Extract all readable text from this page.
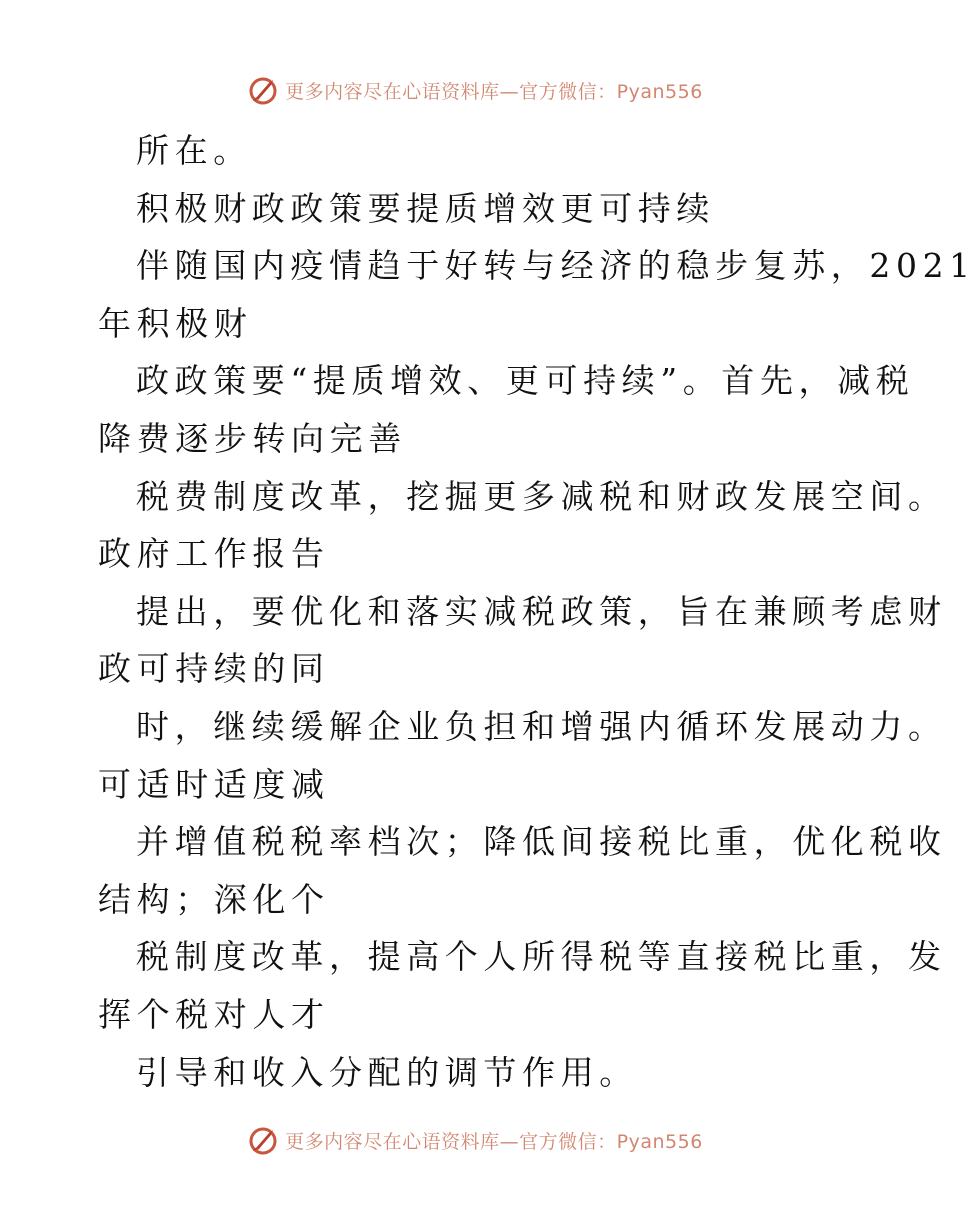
更多内容尽在心语资料库—官方微信：Pyan556
所在。
积极财政政策要提质增效更可持续
伴随国内疫情趋于好转与经济的稳步复苏，2021
年积极财
政政策要“提质增效、更可持续”。首先，减税
降费逐步转向完善
税费制度改革，挖掘更多减税和财政发展空间。
政府工作报告
提出，要优化和落实减税政策，旨在兼顾考虑财
政可持续的同
时，继续缓解企业负担和增强内循环发展动力。
可适时适度减
并增值税税率档次；降低间接税比重，优化税收
结构；深化个
税制度改革，提高个人所得税等直接税比重，发
挥个税对人才
引导和收入分配的调节作用。
更多内容尽在心语资料库—官方微信：Pyan556
